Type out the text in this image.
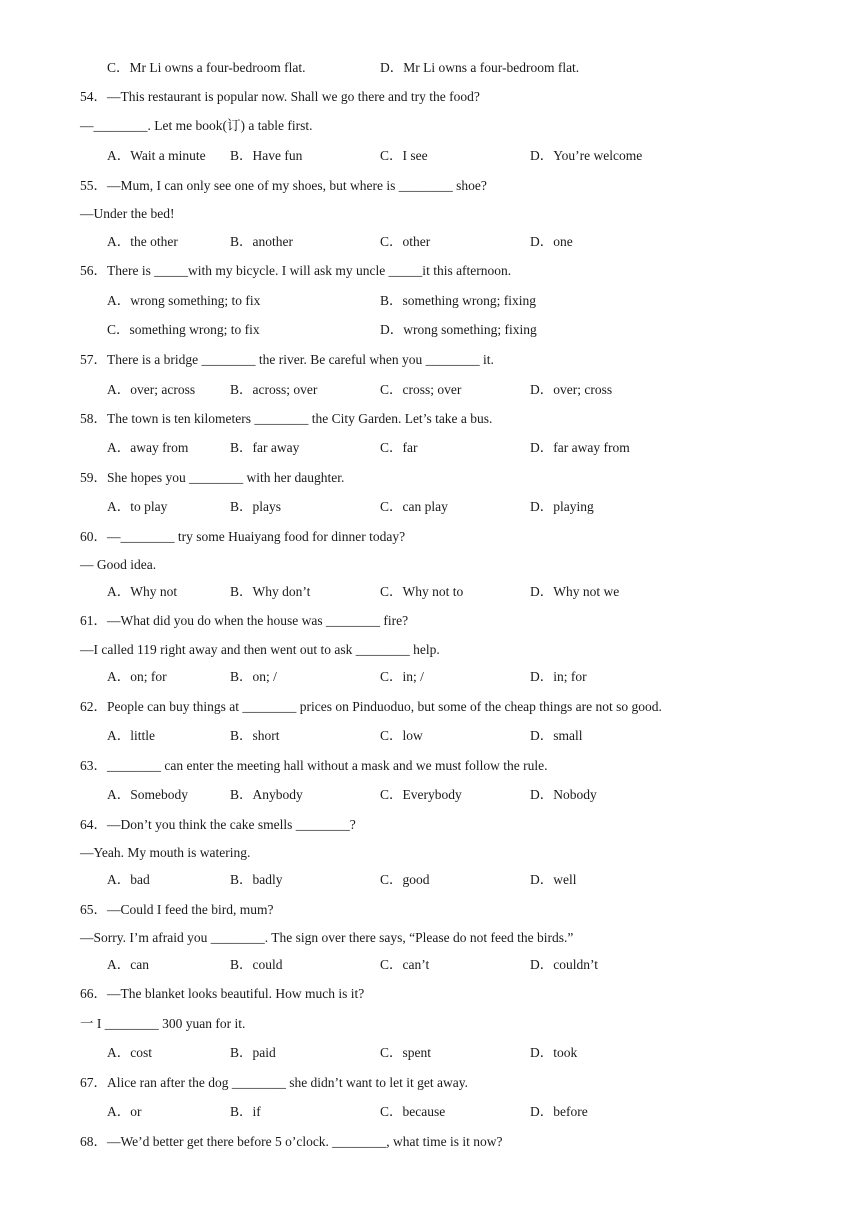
C．Mr Li owns a four-bedroom flat.	D．Mr Li owns a four-bedroom flat.
54．—This restaurant is popular now. Shall we go there and try the food?
—________. Let me book(订) a table first.
A．Wait a minute B．Have fun	C．I see	D．You’re welcome
55．—Mum, I can only see one of my shoes, but where is ________ shoe?
—Under the bed!
A．the other	B．another	C．other	D．one
56．There is _____with my bicycle. I will ask my uncle _____it this afternoon.
A．wrong something; to fix	B．something wrong; fixing
C．something wrong; to fix	D．wrong something; fixing
57．There is a bridge ________ the river. Be careful when you ________ it.
A．over; across	B．across; over	C．cross; over	D．over; cross
58．The town is ten kilometers ________ the City Garden. Let’s take a bus.
A．away from	B．far away	C．far	D．far away from
59．She hopes you ________ with her daughter.
A．to play	B．plays	C．can play	D．playing
60．—________ try some Huaiyang food for dinner today?
— Good idea.
A．Why not	B．Why don’t	C．Why not to	D．Why not we
61．—What did you do when the house was ________ fire?
—I called 119 right away and then went out to ask ________ help.
A．on; for	B．on; /	C．in; /	D．in; for
62．People can buy things at ________ prices on Pinduoduo, but some of the cheap things are not so good.
A．little	B．short	C．low	D．small
63．________ can enter the meeting hall without a mask and we must follow the rule.
A．Somebody	B．Anybody	C．Everybody	D．Nobody
64．—Don’t you think the cake smells ________?
—Yeah. My mouth is watering.
A．bad	B．badly	C．good	D．well
65．—Could I feed the bird, mum?
—Sorry. I’m afraid you ________. The sign over there says, “Please do not feed the birds.”
A．can	B．could	C．can’t	D．couldn’t
66．—The blanket looks beautiful. How much is it?
一 I ________ 300 yuan for it.
A．cost	B．paid	C．spent	D．took
67．Alice ran after the dog ________ she didn’t want to let it get away.
A．or	B．if	C．because	D．before
68．—We’d better get there before 5 o’clock. ________, what time is it now?
